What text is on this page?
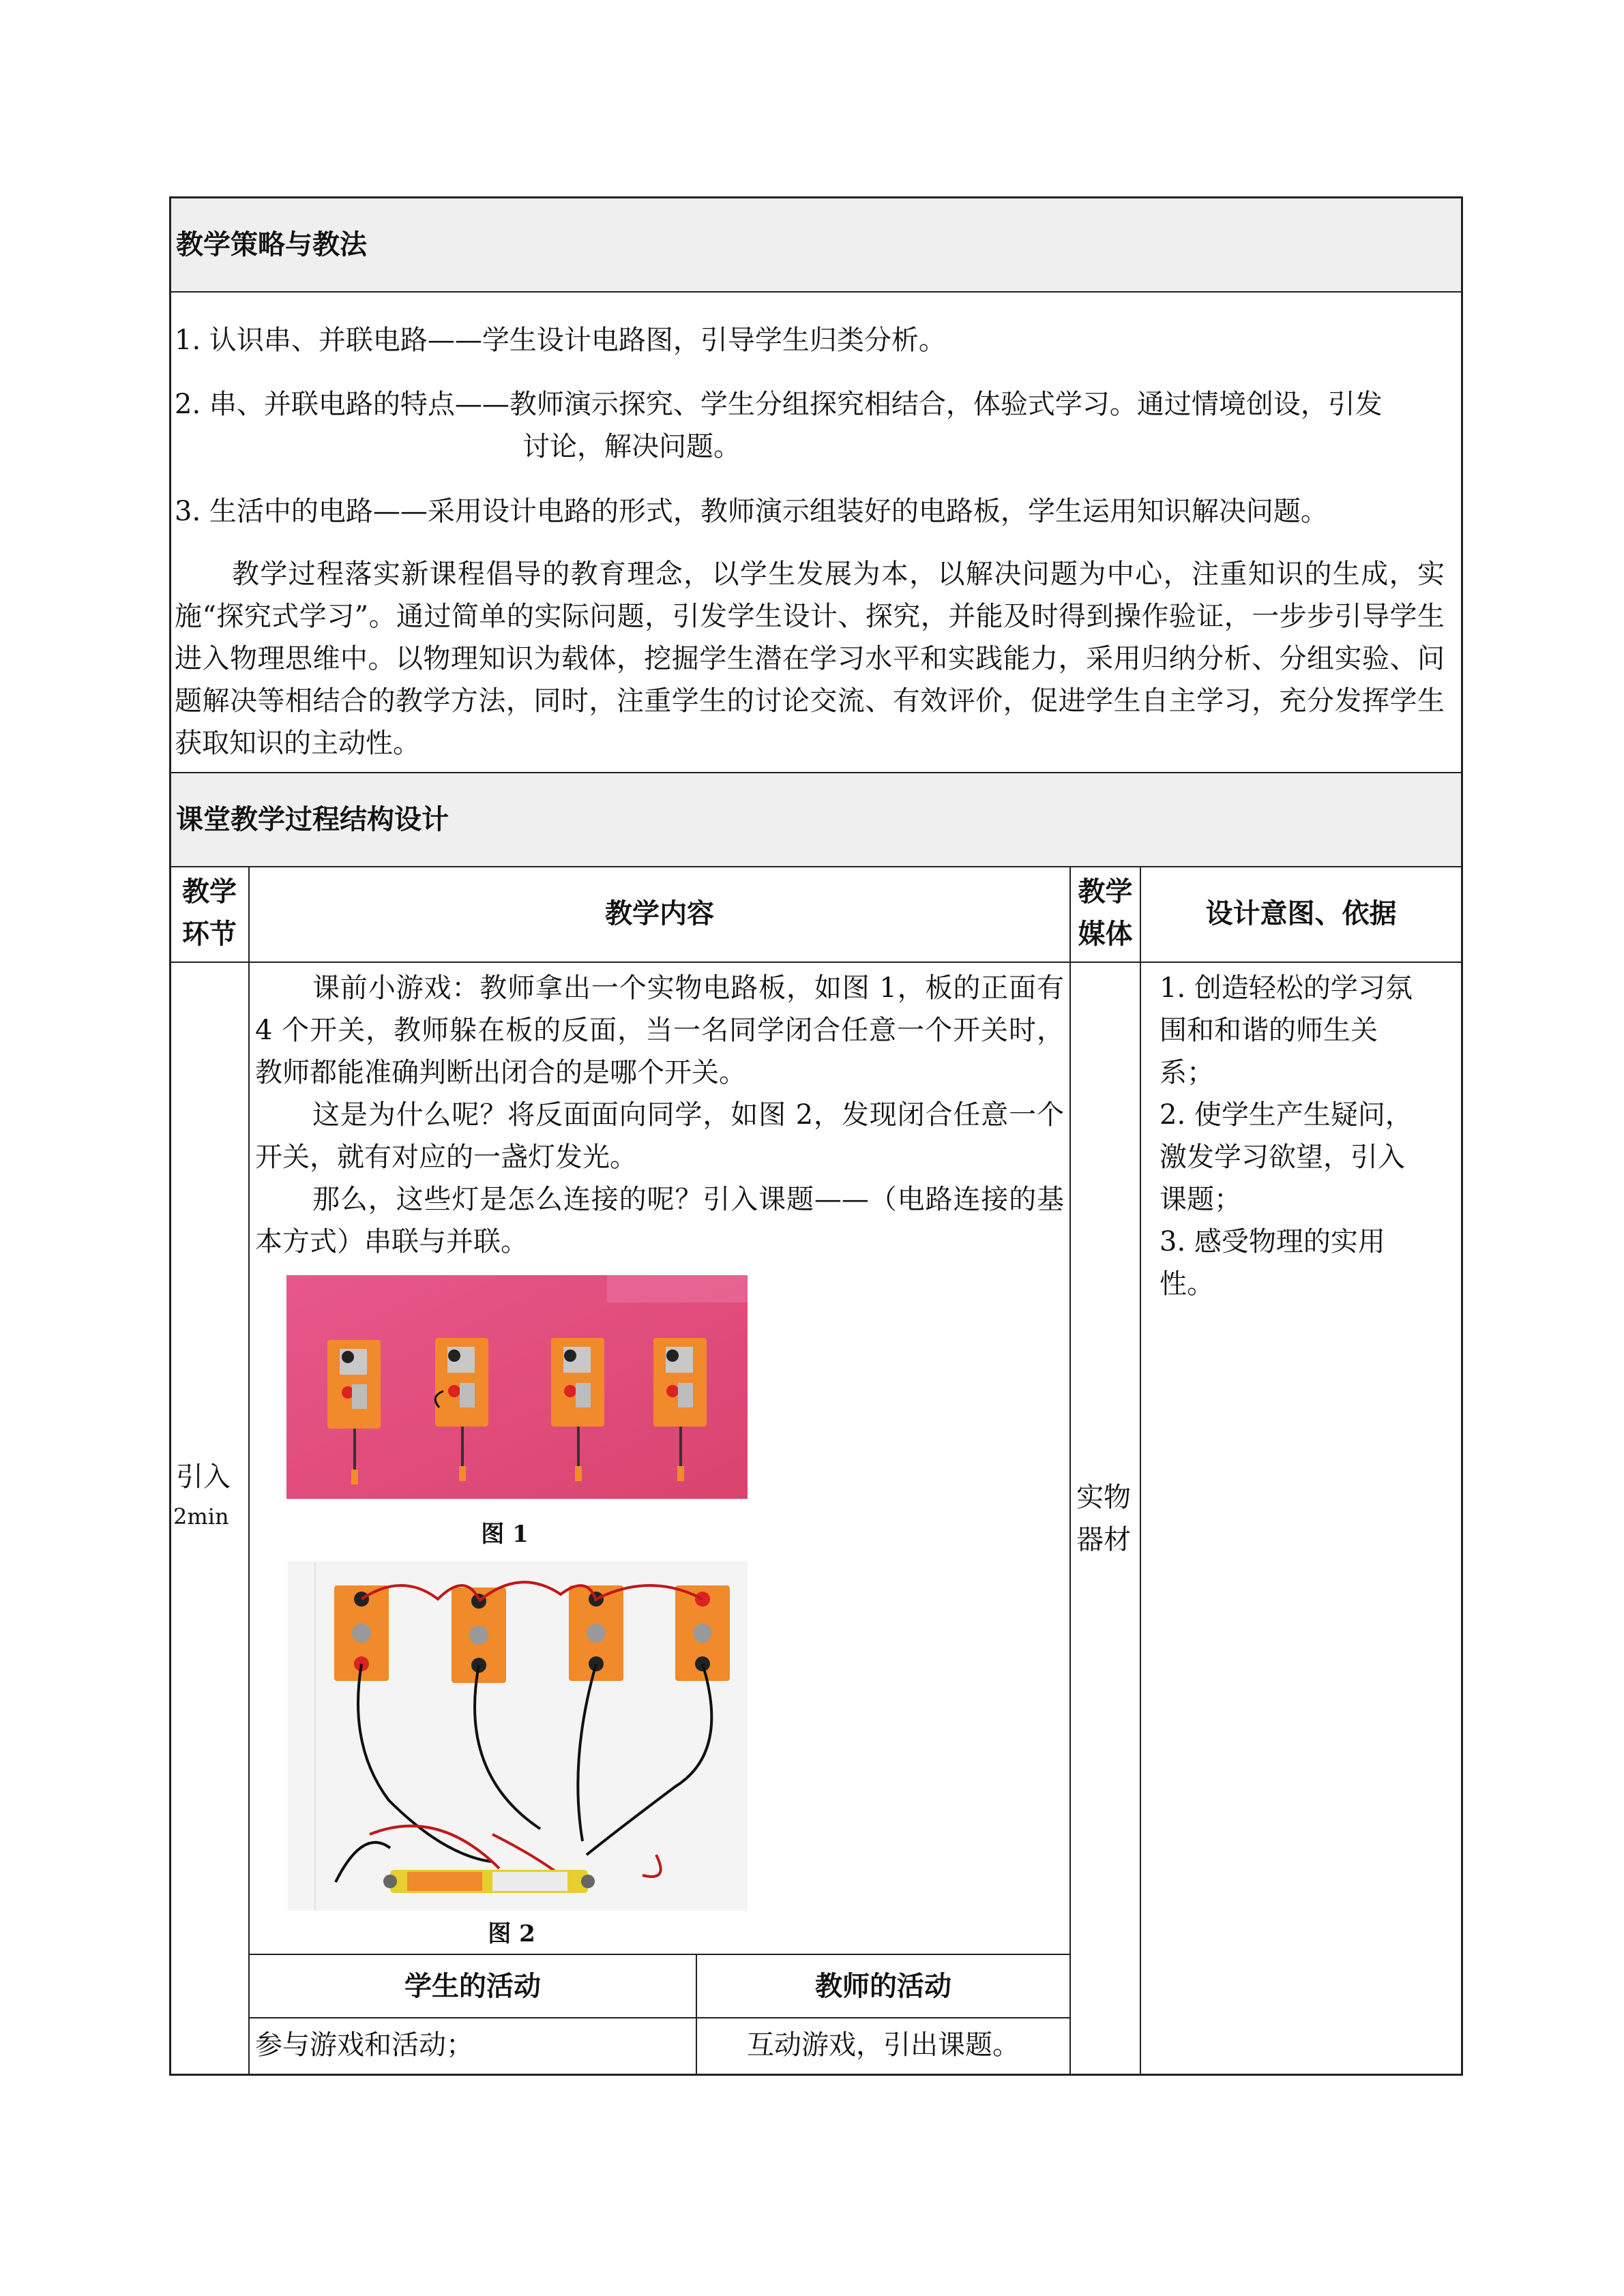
教学策略与教法
1. 认识串、并联电路——学生设计电路图，引导学生归类分析。
2. 串、并联电路的特点——教师演示探究、学生分组探究相结合，体验式学习。通过情境创设，引发
讨论，解决问题。
3. 生活中的电路——采用设计电路的形式，教师演示组装好的电路板，学生运用知识解决问题。
教学过程落实新课程倡导的教育理念，以学生发展为本，以解决问题为中心，注重知识的生成，实施“探究式学习”。通过简单的实际问题，引发学生设计、探究，并能及时得到操作验证，一步步引导学生进入物理思维中。以物理知识为载体，挖掘学生潜在学习水平和实践能力，采用归纳分析、分组实验、问题解决等相结合的教学方法，同时，注重学生的讨论交流、有效评价，促进学生自主学习，充分发挥学生获取知识的主动性。
课堂教学过程结构设计
教学
环节
教学内容
教学
媒体
设计意图、依据
引入
2min
课前小游戏：教师拿出一个实物电路板，如图 1，板的正面有 4 个开关，教师躲在板的反面，当一名同学闭合任意一个开关时，教师都能准确判断出闭合的是哪个开关。
这是为什么呢？将反面面向同学，如图 2，发现闭合任意一个开关，就有对应的一盏灯发光。
那么，这些灯是怎么连接的呢？引入课题——（电路连接的基本方式）串联与并联。
图 1
图 2
实物
器材
1. 创造轻松的学习氛
围和和谐的师生关
系；
2. 使学生产生疑问，
激发学习欲望，引入
课题；
3. 感受物理的实用
性。
学生的活动	教师的活动
参与游戏和活动；	互动游戏，引出课题。
